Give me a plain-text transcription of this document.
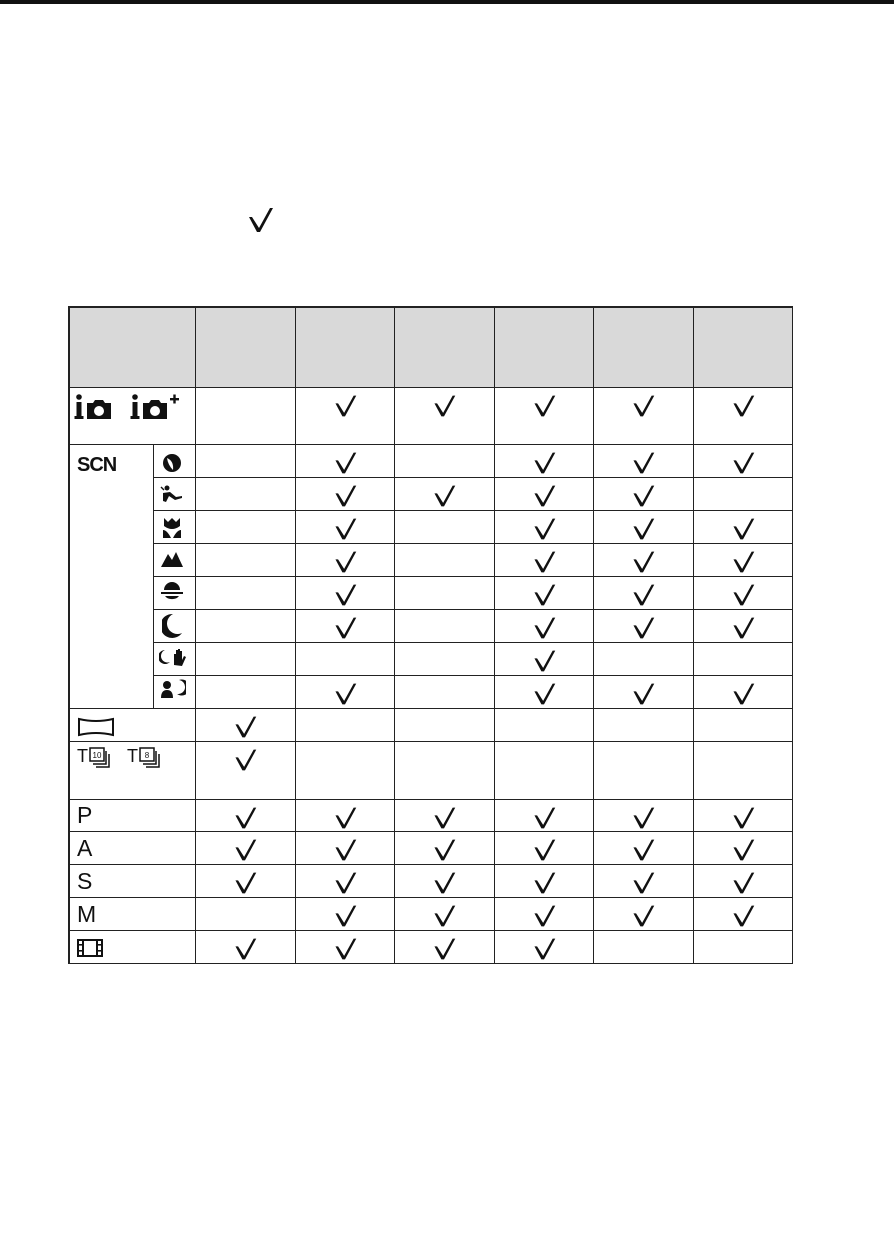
SCN
T 10 T 8
P
A
S
M
